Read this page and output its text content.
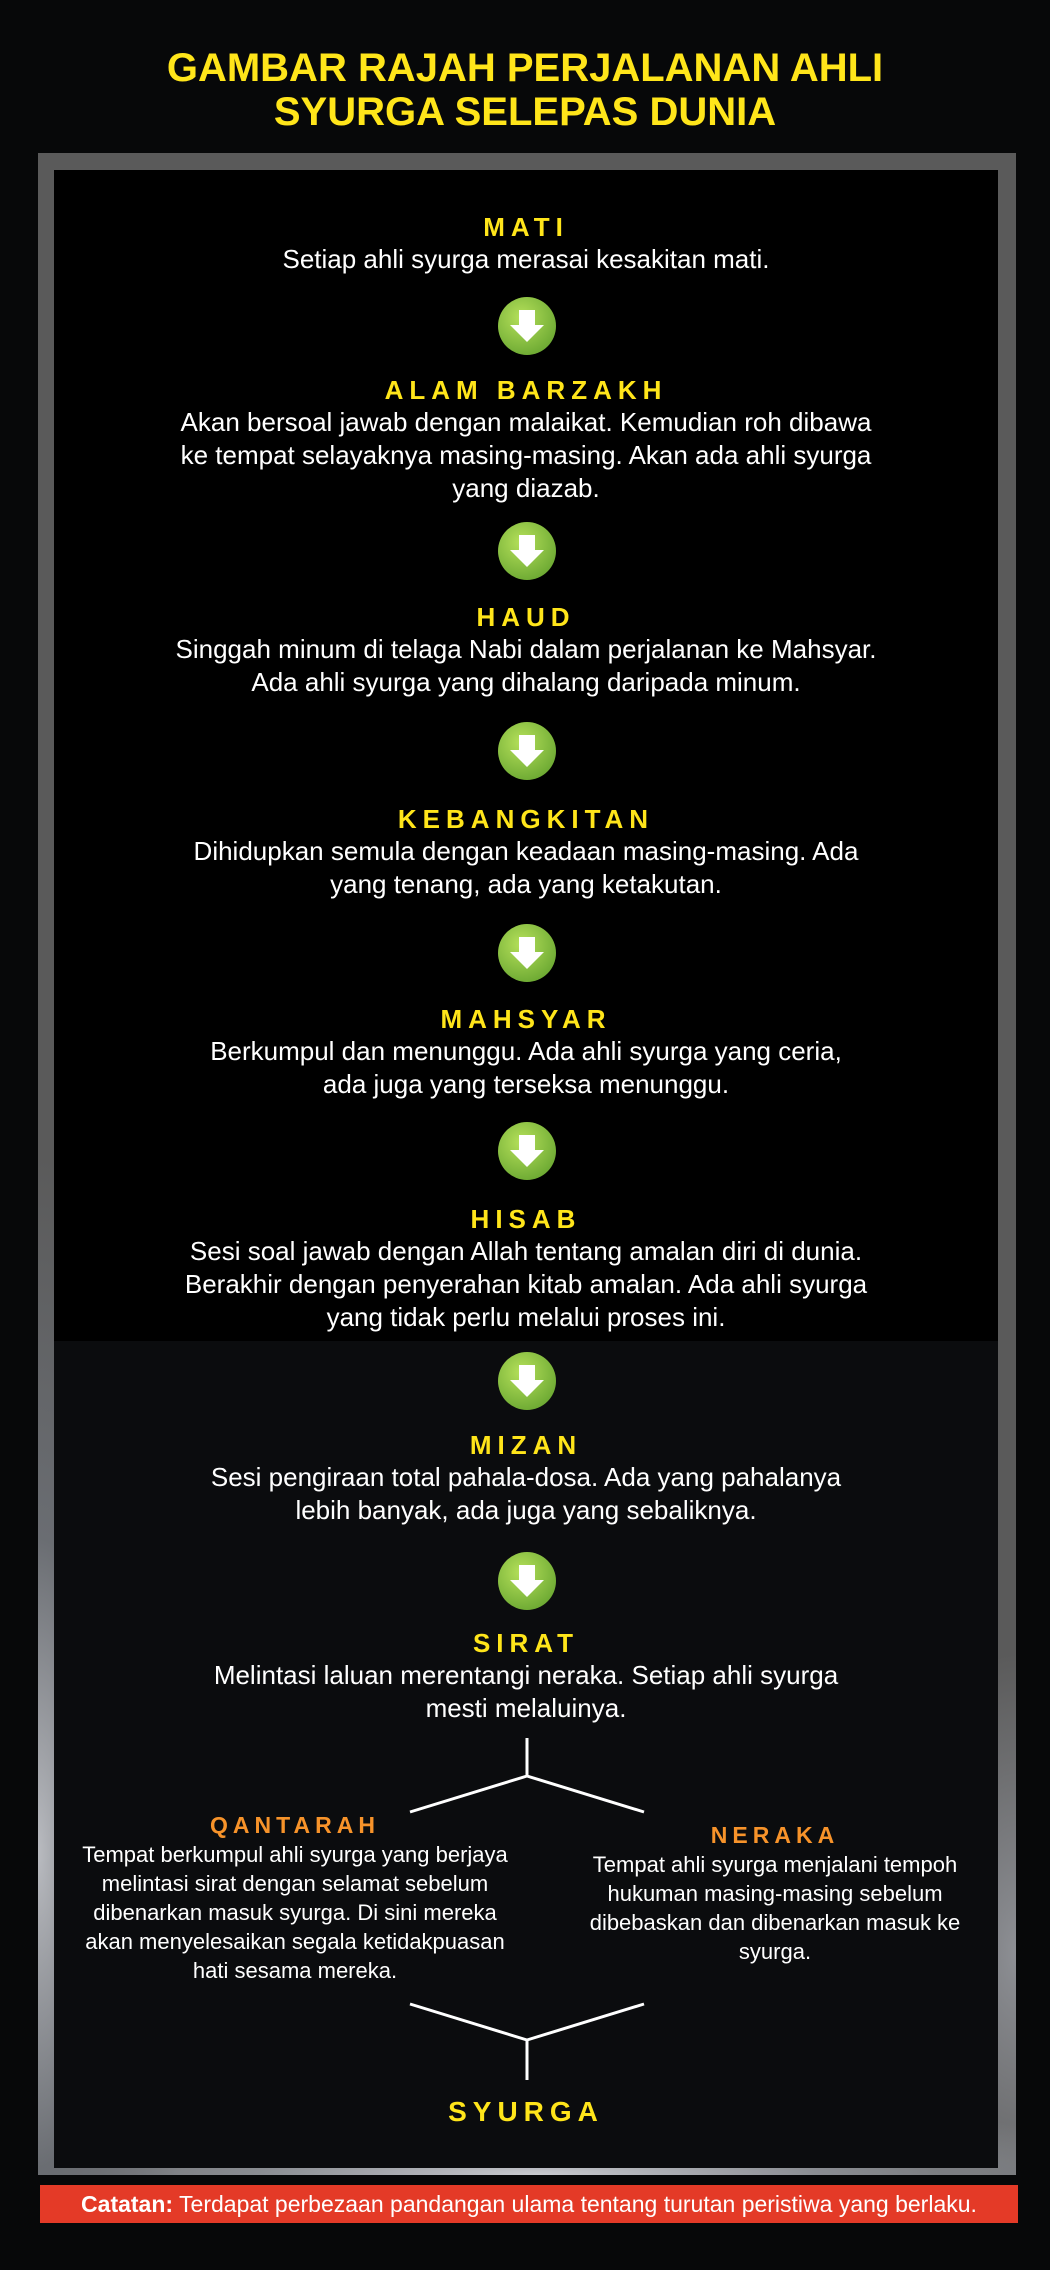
GAMBAR RAJAH PERJALANAN AHLI
SYURGA SELEPAS DUNIA
MATI
Setiap ahli syurga merasai kesakitan mati.
ALAM BARZAKH
Akan bersoal jawab dengan malaikat. Kemudian roh dibawa ke tempat selayaknya masing-masing. Akan ada ahli syurga yang diazab.
HAUD
Singgah minum di telaga Nabi dalam perjalanan ke Mahsyar. Ada ahli syurga yang dihalang daripada minum.
KEBANGKITAN
Dihidupkan semula dengan keadaan masing-masing. Ada yang tenang, ada yang ketakutan.
MAHSYAR
Berkumpul dan menunggu. Ada ahli syurga yang ceria, ada juga yang terseksa menunggu.
HISAB
Sesi soal jawab dengan Allah tentang amalan diri di dunia. Berakhir dengan penyerahan kitab amalan. Ada ahli syurga yang tidak perlu melalui proses ini.
MIZAN
Sesi pengiraan total pahala-dosa. Ada yang pahalanya lebih banyak, ada juga yang sebaliknya.
SIRAT
Melintasi laluan merentangi neraka. Setiap ahli syurga mesti melaluinya.
QANTARAH
Tempat berkumpul ahli syurga yang berjaya melintasi sirat dengan selamat sebelum dibenarkan masuk syurga. Di sini mereka akan menyelesaikan segala ketidakpuasan hati sesama mereka.
NERAKA
Tempat ahli syurga menjalani tempoh hukuman masing-masing sebelum dibebaskan dan dibenarkan masuk ke syurga.
SYURGA
Catatan: Terdapat perbezaan pandangan ulama tentang turutan peristiwa yang berlaku.
